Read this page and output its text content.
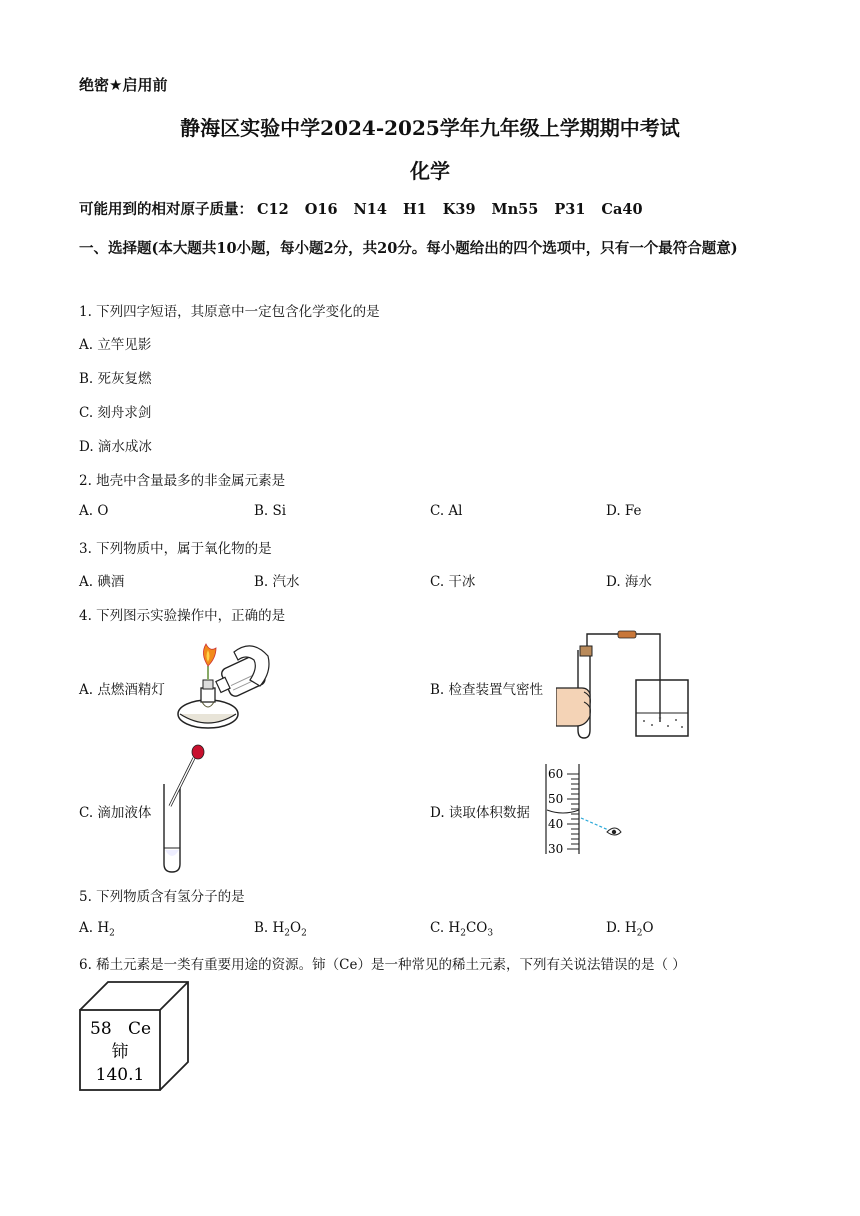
绝密★启用前
静海区实验中学2024-2025学年九年级上学期期中考试
化学
可能用到的相对原子质量： C12 O16 N14 H1 K39 Mn55 P31 Ca40
一、选择题(本大题共10小题，每小题2分，共20分。每小题给出的四个选项中，只有一个最符合题意)
1. 下列四字短语，其原意中一定包含化学变化的是
A. 立竿见影
B. 死灰复燃
C. 刻舟求剑
D. 滴水成冰
2. 地壳中含量最多的非金属元素是
A. O	B. Si	C. Al	D. Fe
3. 下列物质中，属于氧化物的是
A. 碘酒	B. 汽水	C. 干冰	D. 海水
4. 下列图示实验操作中，正确的是
A. 点燃酒精灯	B. 检查装置气密性
C. 滴加液体	D. 读取体积数据
60
50
40
30
5. 下列物质含有氢分子的是
A. $H_2$	B. $H_2O_2$	C. $H_2CO_3$	D. $H_2O$
6. 稀土元素是一类有重要用途的资源。铈（Ce）是一种常见的稀土元素，下列有关说法错误的是（ ）
58 Ce
铈
140.1
